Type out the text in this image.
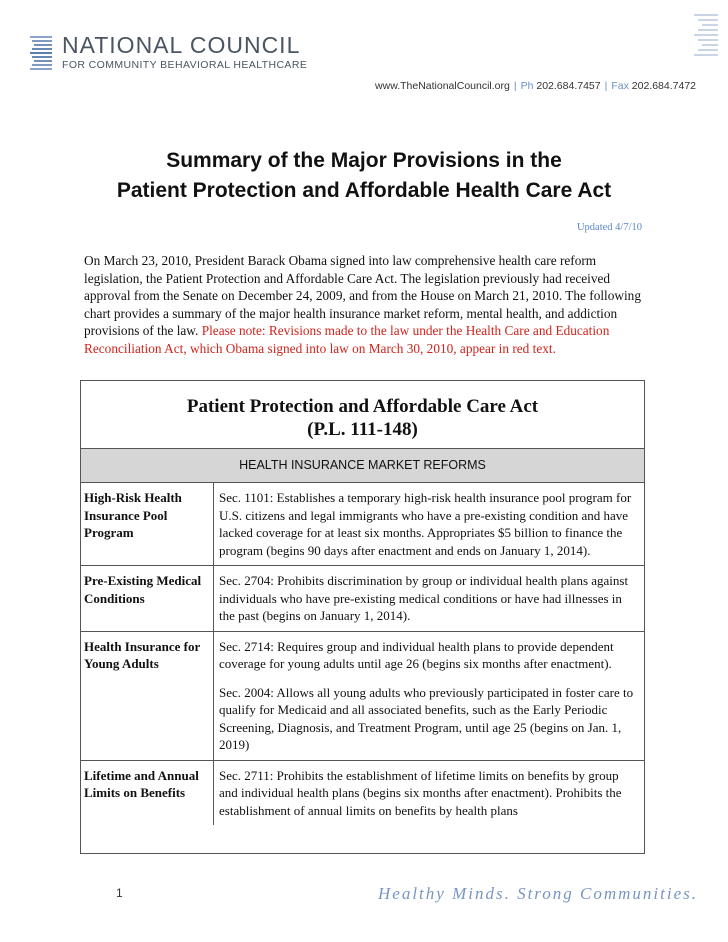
NATIONAL COUNCIL
FOR COMMUNITY BEHAVIORAL HEALTHCARE
www.TheNationalCouncil.org | Ph 202.684.7457 | Fax 202.684.7472
Summary of the Major Provisions in the
Patient Protection and Affordable Health Care Act
Updated 4/7/10
On March 23, 2010, President Barack Obama signed into law comprehensive health care reform legislation, the Patient Protection and Affordable Care Act. The legislation previously had received approval from the Senate on December 24, 2009, and from the House on March 21, 2010. The following chart provides a summary of the major health insurance market reform, mental health, and addiction provisions of the law. Please note: Revisions made to the law under the Health Care and Education Reconciliation Act, which Obama signed into law on March 30, 2010, appear in red text.
Patient Protection and Affordable Care Act
(P.L. 111-148)
HEALTH INSURANCE MARKET REFORMS
High-Risk Health Insurance Pool Program

Sec. 1101: Establishes a temporary high-risk health insurance pool program for U.S. citizens and legal immigrants who have a pre-existing condition and have lacked coverage for at least six months. Appropriates $5 billion to finance the program (begins 90 days after enactment and ends on January 1, 2014).

Pre-Existing Medical Conditions

Sec. 2704: Prohibits discrimination by group or individual health plans against individuals who have pre-existing medical conditions or have had illnesses in the past (begins on January 1, 2014).

Health Insurance for Young Adults

Sec. 2714: Requires group and individual health plans to provide dependent coverage for young adults until age 26 (begins six months after enactment).

Sec. 2004: Allows all young adults who previously participated in foster care to qualify for Medicaid and all associated benefits, such as the Early Periodic Screening, Diagnosis, and Treatment Program, until age 25 (begins on Jan. 1, 2019)

Lifetime and Annual Limits on Benefits

Sec. 2711: Prohibits the establishment of lifetime limits on benefits by group and individual health plans (begins six months after enactment). Prohibits the establishment of annual limits on benefits by health plans

1	Healthy Minds. Strong Communities.
